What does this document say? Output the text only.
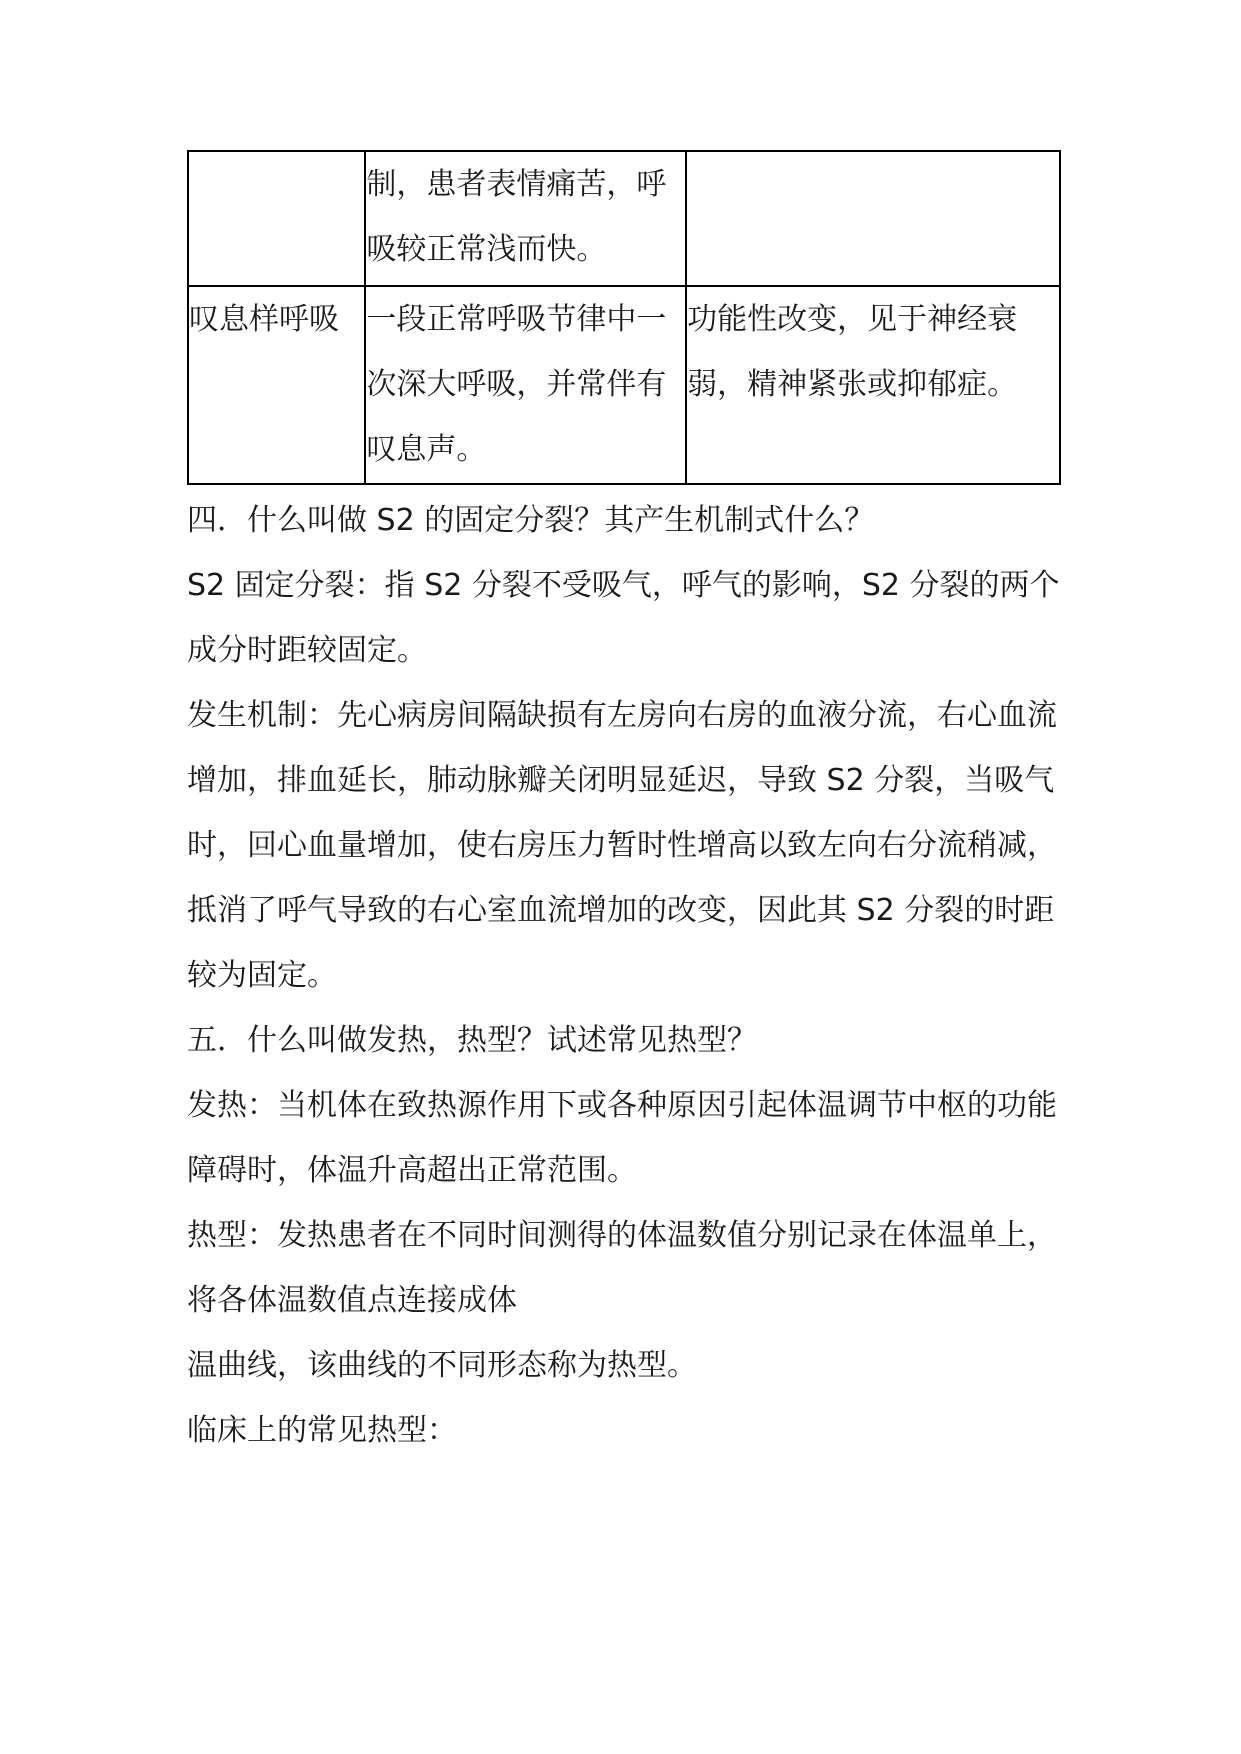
	制，患者表情痛苦，呼吸较正常浅而快。	

叹息样呼吸	一段正常呼吸节律中一次深大呼吸，并常伴有叹息声。	功能性改变，见于神经衰弱，精神紧张或抑郁症。

四．什么叫做 S2 的固定分裂？其产生机制式什么？

S2 固定分裂：指 S2 分裂不受吸气，呼气的影响，S2 分裂的两个成分时距较固定。

发生机制：先心病房间隔缺损有左房向右房的血液分流，右心血流增加，排血延长，肺动脉瓣关闭明显延迟，导致 S2 分裂，当吸气时，回心血量增加，使右房压力暂时性增高以致左向右分流稍减，抵消了呼气导致的右心室血流增加的改变，因此其 S2 分裂的时距较为固定。

五．什么叫做发热，热型？试述常见热型？

发热：当机体在致热源作用下或各种原因引起体温调节中枢的功能障碍时，体温升高超出正常范围。

热型：发热患者在不同时间测得的体温数值分别记录在体温单上，将各体温数值点连接成体

温曲线，该曲线的不同形态称为热型。

临床上的常见热型：
